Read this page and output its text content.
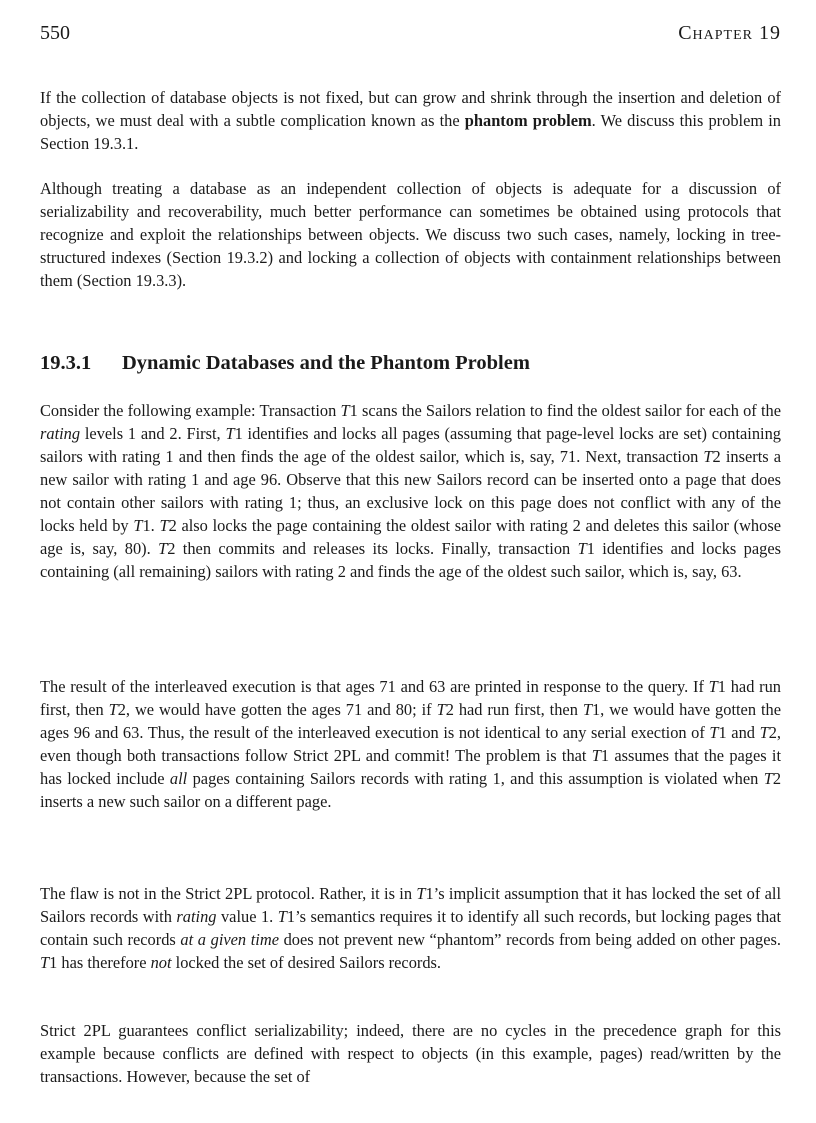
550	Chapter 19

If the collection of database objects is not fixed, but can grow and shrink through the insertion and deletion of objects, we must deal with a subtle complication known as the phantom problem. We discuss this problem in Section 19.3.1.

Although treating a database as an independent collection of objects is adequate for a discussion of serializability and recoverability, much better performance can sometimes be obtained using protocols that recognize and exploit the relationships between objects. We discuss two such cases, namely, locking in tree-structured indexes (Section 19.3.2) and locking a collection of objects with containment relationships between them (Section 19.3.3).

19.3.1 Dynamic Databases and the Phantom Problem

Consider the following example: Transaction T1 scans the Sailors relation to find the oldest sailor for each of the rating levels 1 and 2. First, T1 identifies and locks all pages (assuming that page-level locks are set) containing sailors with rating 1 and then finds the age of the oldest sailor, which is, say, 71. Next, transaction T2 inserts a new sailor with rating 1 and age 96. Observe that this new Sailors record can be inserted onto a page that does not contain other sailors with rating 1; thus, an exclusive lock on this page does not conflict with any of the locks held by T1. T2 also locks the page containing the oldest sailor with rating 2 and deletes this sailor (whose age is, say, 80). T2 then commits and releases its locks. Finally, transaction T1 identifies and locks pages containing (all remaining) sailors with rating 2 and finds the age of the oldest such sailor, which is, say, 63.

The result of the interleaved execution is that ages 71 and 63 are printed in response to the query. If T1 had run first, then T2, we would have gotten the ages 71 and 80; if T2 had run first, then T1, we would have gotten the ages 96 and 63. Thus, the result of the interleaved execution is not identical to any serial exection of T1 and T2, even though both transactions follow Strict 2PL and commit! The problem is that T1 assumes that the pages it has locked include all pages containing Sailors records with rating 1, and this assumption is violated when T2 inserts a new such sailor on a different page.

The flaw is not in the Strict 2PL protocol. Rather, it is in T1’s implicit assumption that it has locked the set of all Sailors records with rating value 1. T1’s semantics requires it to identify all such records, but locking pages that contain such records at a given time does not prevent new “phantom” records from being added on other pages. T1 has therefore not locked the set of desired Sailors records.

Strict 2PL guarantees conflict serializability; indeed, there are no cycles in the precedence graph for this example because conflicts are defined with respect to objects (in this example, pages) read/written by the transactions. However, because the set of
